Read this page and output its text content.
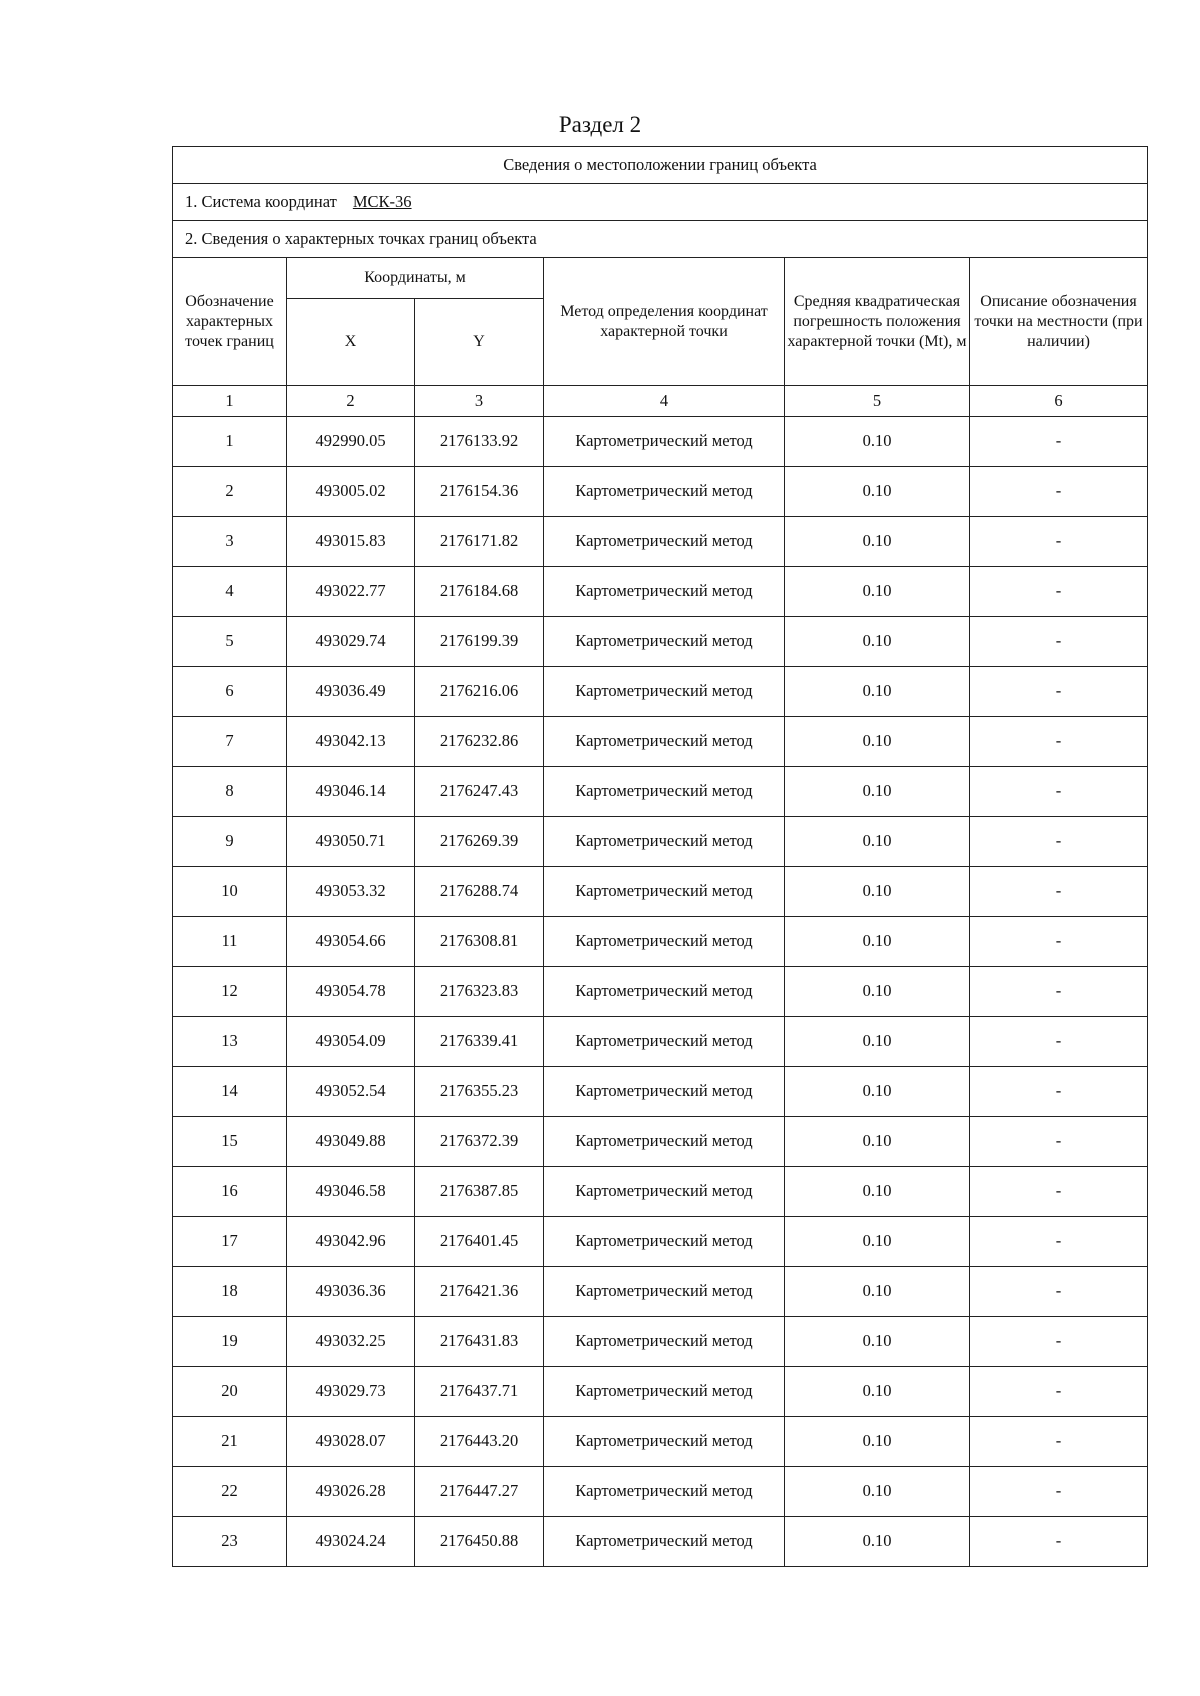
Раздел 2
Сведения о местоположении границ объекта					
1. Система координат МСК-36					
2. Сведения о характерных точках границ объекта					
Обозначение характерных точек границ	Координаты, м		Метод определения координат характерной точки	Средняя квадратическая погрешность положения характерной точки (Mt), м	Описание обозначения точки на местности (при наличии)
	X	Y			
1	2	3	4	5	6
1	492990.05	2176133.92	Картометрический метод	0.10	-
2	493005.02	2176154.36	Картометрический метод	0.10	-
3	493015.83	2176171.82	Картометрический метод	0.10	-
4	493022.77	2176184.68	Картометрический метод	0.10	-
5	493029.74	2176199.39	Картометрический метод	0.10	-
6	493036.49	2176216.06	Картометрический метод	0.10	-
7	493042.13	2176232.86	Картометрический метод	0.10	-
8	493046.14	2176247.43	Картометрический метод	0.10	-
9	493050.71	2176269.39	Картометрический метод	0.10	-
10	493053.32	2176288.74	Картометрический метод	0.10	-
11	493054.66	2176308.81	Картометрический метод	0.10	-
12	493054.78	2176323.83	Картометрический метод	0.10	-
13	493054.09	2176339.41	Картометрический метод	0.10	-
14	493052.54	2176355.23	Картометрический метод	0.10	-
15	493049.88	2176372.39	Картометрический метод	0.10	-
16	493046.58	2176387.85	Картометрический метод	0.10	-
17	493042.96	2176401.45	Картометрический метод	0.10	-
18	493036.36	2176421.36	Картометрический метод	0.10	-
19	493032.25	2176431.83	Картометрический метод	0.10	-
20	493029.73	2176437.71	Картометрический метод	0.10	-
21	493028.07	2176443.20	Картометрический метод	0.10	-
22	493026.28	2176447.27	Картометрический метод	0.10	-
23	493024.24	2176450.88	Картометрический метод	0.10	-
